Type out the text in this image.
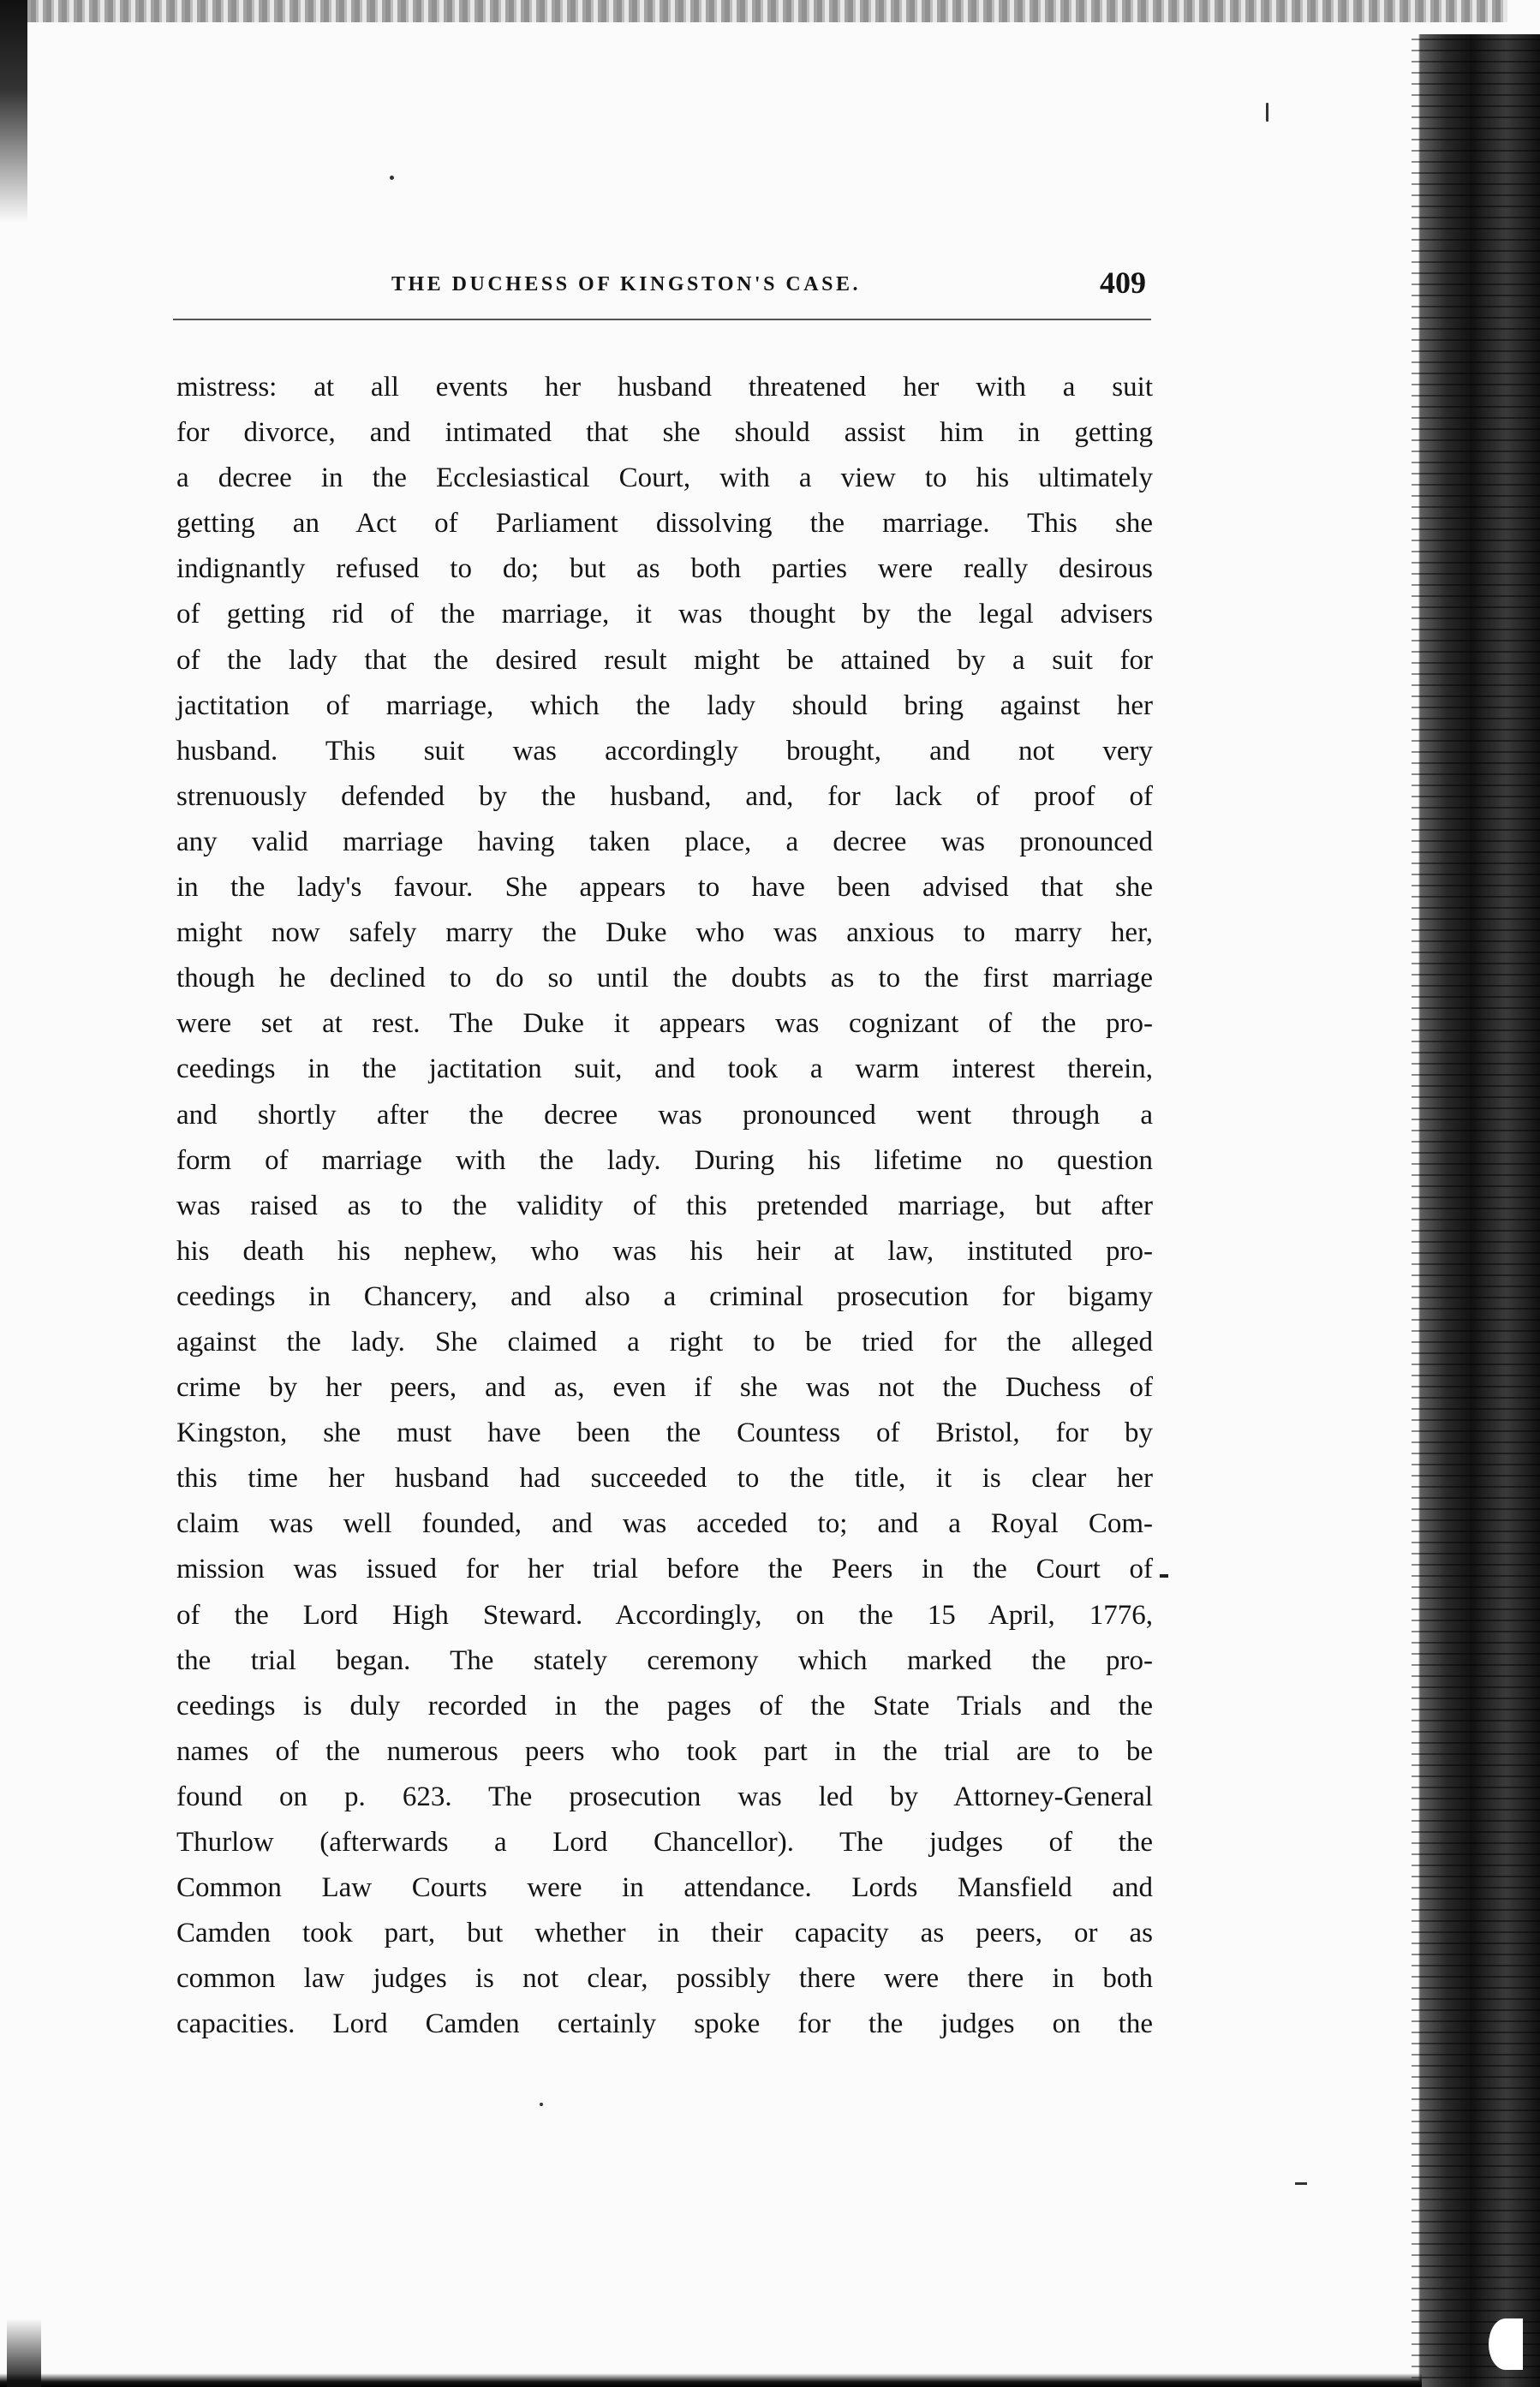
THE DUCHESS OF KINGSTON'S CASE.	409
mistress: at all events her husband threatened her with a suit
for divorce, and intimated that she should assist him in getting
a decree in the Ecclesiastical Court, with a view to his ultimately
getting an Act of Parliament dissolving the marriage. This she
indignantly refused to do; but as both parties were really desirous
of getting rid of the marriage, it was thought by the legal advisers
of the lady that the desired result might be attained by a suit for
jactitation of marriage, which the lady should bring against her
husband. This suit was accordingly brought, and not very
strenuously defended by the husband, and, for lack of proof of
any valid marriage having taken place, a decree was pronounced
in the lady's favour. She appears to have been advised that she
might now safely marry the Duke who was anxious to marry her,
though he declined to do so until the doubts as to the first marriage
were set at rest. The Duke it appears was cognizant of the pro-
ceedings in the jactitation suit, and took a warm interest therein,
and shortly after the decree was pronounced went through a
form of marriage with the lady. During his lifetime no question
was raised as to the validity of this pretended marriage, but after
his death his nephew, who was his heir at law, instituted pro-
ceedings in Chancery, and also a criminal prosecution for bigamy
against the lady. She claimed a right to be tried for the alleged
crime by her peers, and as, even if she was not the Duchess of
Kingston, she must have been the Countess of Bristol, for by
this time her husband had succeeded to the title, it is clear her
claim was well founded, and was acceded to; and a Royal Com-
mission was issued for her trial before the Peers in the Court of
of the Lord High Steward. Accordingly, on the 15 April, 1776,
the trial began. The stately ceremony which marked the pro-
ceedings is duly recorded in the pages of the State Trials and the
names of the numerous peers who took part in the trial are to be
found on p. 623. The prosecution was led by Attorney-General
Thurlow (afterwards a Lord Chancellor). The judges of the
Common Law Courts were in attendance. Lords Mansfield and
Camden took part, but whether in their capacity as peers, or as
common law judges is not clear, possibly there were there in both
capacities. Lord Camden certainly spoke for the judges on the
